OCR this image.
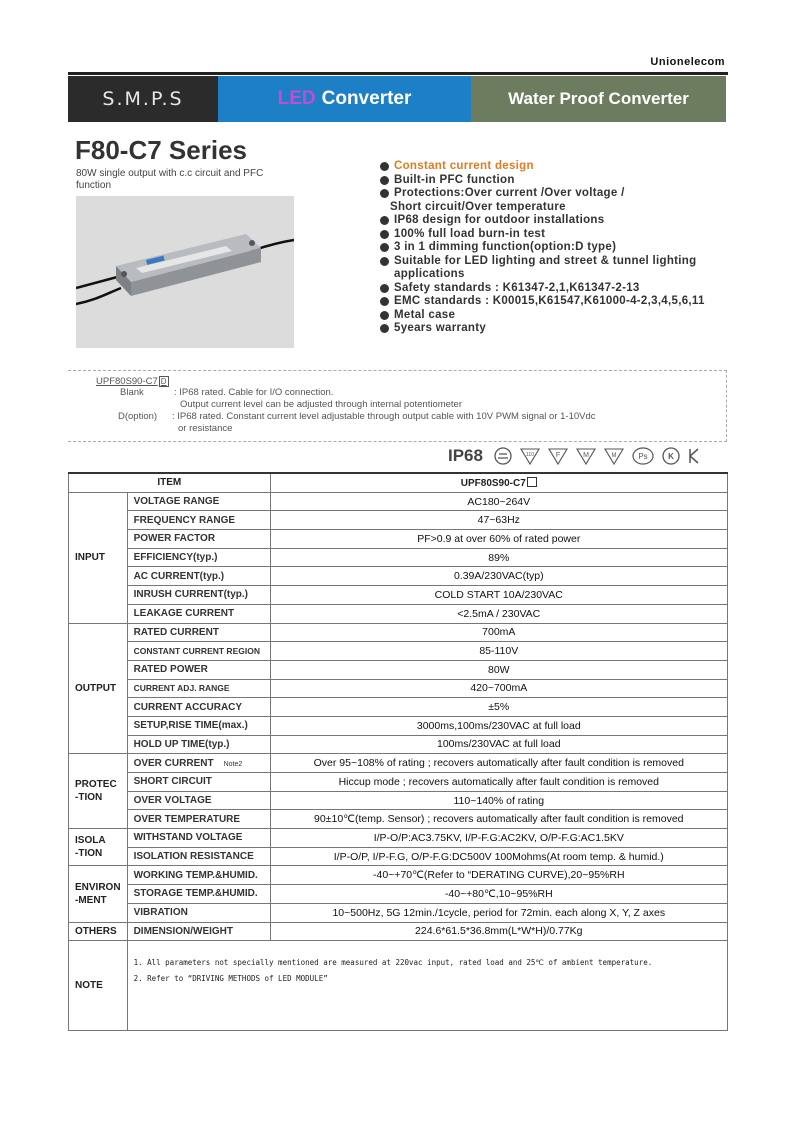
Unionelecom
S.M.P.S	LED Converter	Water Proof Converter
F80-C7 Series
80W single output with c.c circuit and PFC function
Constant current design
Built-in PFC function
Protections:Over current /Over voltage /
Short circuit/Over temperature
IP68 design for outdoor installations
100% full load burn-in test
3 in 1 dimming function(option:D type)
Suitable for LED lighting and street & tunnel lighting
applications
Safety standards : K61347-2,1,K61347-2-13
EMC standards : K00015,K61547,K61000-4-2,3,4,5,6,11
Metal case
5years warranty
UPF80S90-C7 D
Blank	: IP68 rated. Cable for I/O connection.
Output current level can be adjusted through internal potentiometer
D(option) : IP68 rated. Constant current level adjustable through output cable with 10V PWM signal or 1-10Vdc
or resistance
IP68	110	F	M	M	Ps	K
ITEM		UPF80S90-C7
INPUT	VOLTAGE RANGE	AC180~264V
	FREQUENCY RANGE	47~63Hz
	POWER FACTOR	PF>0.9 at over 60% of rated power
	EFFICIENCY(typ.)	89%
	AC CURRENT(typ.)	0.39A/230VAC(typ)
	INRUSH CURRENT(typ.)	COLD START 10A/230VAC
	LEAKAGE CURRENT	<2.5mA / 230VAC
OUTPUT	RATED CURRENT	700mA
	CONSTANT CURRENT REGION	85-110V
	RATED POWER	80W
	CURRENT ADJ. RANGE	420~700mA
	CURRENT ACCURACY	±5%
	SETUP,RISE TIME(max.)	3000ms,100ms/230VAC at full load
	HOLD UP TIME(typ.)	100ms/230VAC at full load
PROTEC
-TION	OVER CURRENT Note2	Over 95~108% of rating ; recovers automatically after fault condition is removed
	SHORT CIRCUIT	Hiccup mode ; recovers automatically after fault condition is removed
	OVER VOLTAGE	110~140% of rating
	OVER TEMPERATURE	90±10℃(temp. Sensor) ; recovers automatically after fault condition is removed
ISOLA
-TION	WITHSTAND VOLTAGE	I/P-O/P:AC3.75KV, I/P-F.G:AC2KV, O/P-F.G:AC1.5KV
	ISOLATION RESISTANCE	I/P-O/P, I/P-F.G, O/P-F.G:DC500V 100Mohms(At room temp. & humid.)
ENVIRON
-MENT	WORKING TEMP.&HUMID.	-40~+70℃(Refer to “DERATING CURVE),20~95%RH
	STORAGE TEMP.&HUMID.	-40~+80℃,10~95%RH
	VIBRATION	10~500Hz, 5G 12min./1cycle, period for 72min. each along X, Y, Z axes
OTHERS	DIMENSION/WEIGHT	224.6*61.5*36.8mm(L*W*H)/0.77Kg
NOTE	1. All parameters not specially mentioned are measured at 220vac input, rated load and 25℃ of ambient temperature.
2. Refer to “DRIVING METHODS of LED MODULE”	
